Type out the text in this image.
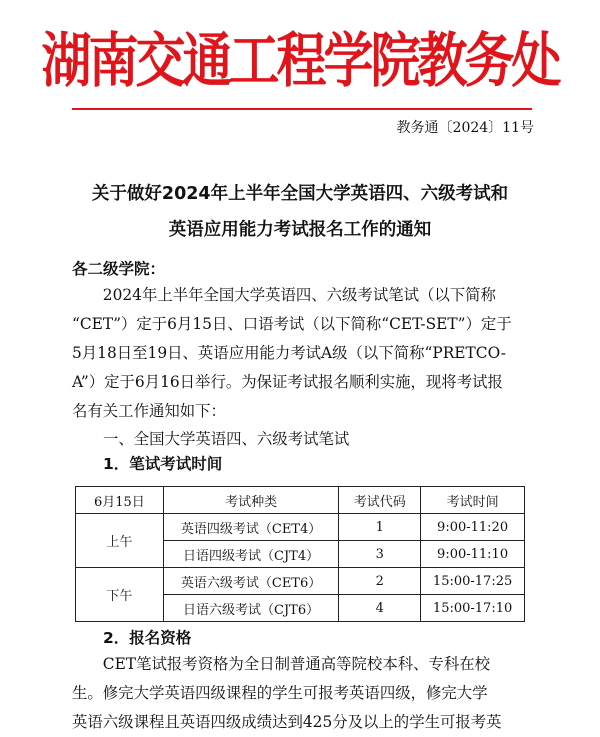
湖南交通工程学院教务处
教务通〔2024〕11号
关于做好2024年上半年全国大学英语四、六级考试和
英语应用能力考试报名工作的通知
各二级学院：
2024年上半年全国大学英语四、六级考试笔试（以下简称
“CET”）定于6月15日、口语考试（以下简称“CET-SET”）定于
5月18日至19日、英语应用能力考试A级（以下简称“PRETCO-
A”）定于6月16日举行。为保证考试报名顺利实施，现将考试报
名有关工作通知如下：
一、全国大学英语四、六级考试笔试
1．笔试考试时间
6月15日	考试种类	考试代码	考试时间
上午	英语四级考试（CET4）	1	9:00-11:20
	日语四级考试（CJT4）	3	9:00-11:10
下午	英语六级考试（CET6）	2	15:00-17:25
	日语六级考试（CJT6）	4	15:00-17:10
2．报名资格
CET笔试报考资格为全日制普通高等院校本科、专科在校
生。修完大学英语四级课程的学生可报考英语四级，修完大学
英语六级课程且英语四级成绩达到425分及以上的学生可报考英
